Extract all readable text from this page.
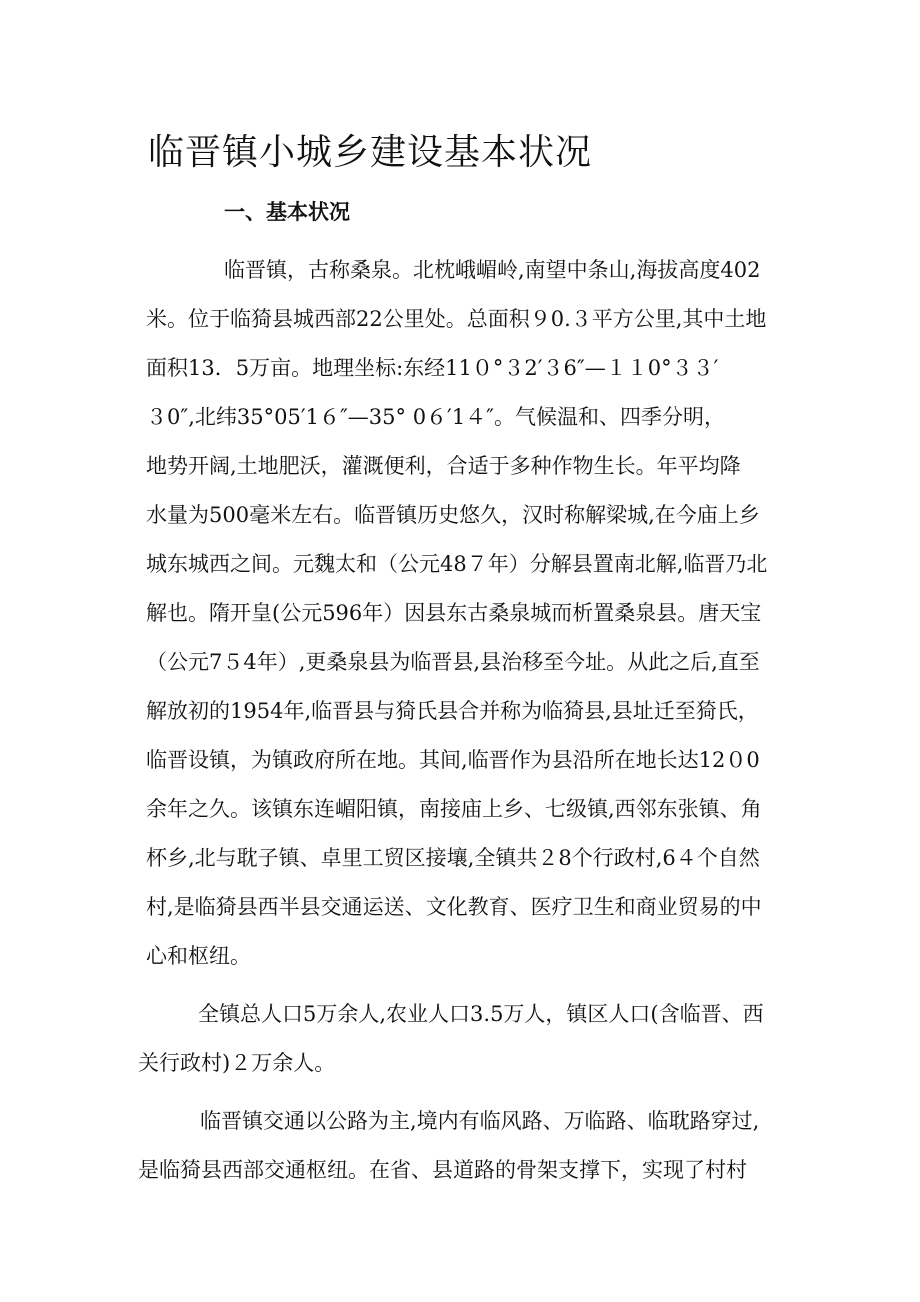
临晋镇小城乡建设基本状况
一、基本状况
临晋镇，古称桑泉。北枕峨嵋岭,南望中条山,海拔高度402
米。位于临猗县城西部22公里处。总面积９0.３平方公里,其中土地
面积13．5万亩。地理坐标:东经11０°３2′３6″—１１0°３３′
３0″,北纬35°05′1６″—35° 0６′1４″。气候温和、四季分明，
地势开阔,土地肥沃，灌溉便利，合适于多种作物生长。年平均降
水量为500毫米左右。临晋镇历史悠久，汉时称解梁城,在今庙上乡
城东城西之间。元魏太和（公元48７年）分解县置南北解,临晋乃北
解也。隋开皇(公元596年）因县东古桑泉城而析置桑泉县。唐天宝
（公元7５4年）,更桑泉县为临晋县,县治移至今址。从此之后,直至
解放初的1954年,临晋县与猗氏县合并称为临猗县,县址迁至猗氏，
临晋设镇，为镇政府所在地。其间,临晋作为县沿所在地长达12０0
余年之久。该镇东连嵋阳镇，南接庙上乡、七级镇,西邻东张镇、角
杯乡,北与耽子镇、卓里工贸区接壤,全镇共２8个行政村,6４个自然
村,是临猗县西半县交通运送、文化教育、医疗卫生和商业贸易的中
心和枢纽。
全镇总人口5万余人,农业人口3.5万人，镇区人口(含临晋、西
关行政村)２万余人。
临晋镇交通以公路为主,境内有临风路、万临路、临耽路穿过,
是临猗县西部交通枢纽。在省、县道路的骨架支撑下，实现了村村
